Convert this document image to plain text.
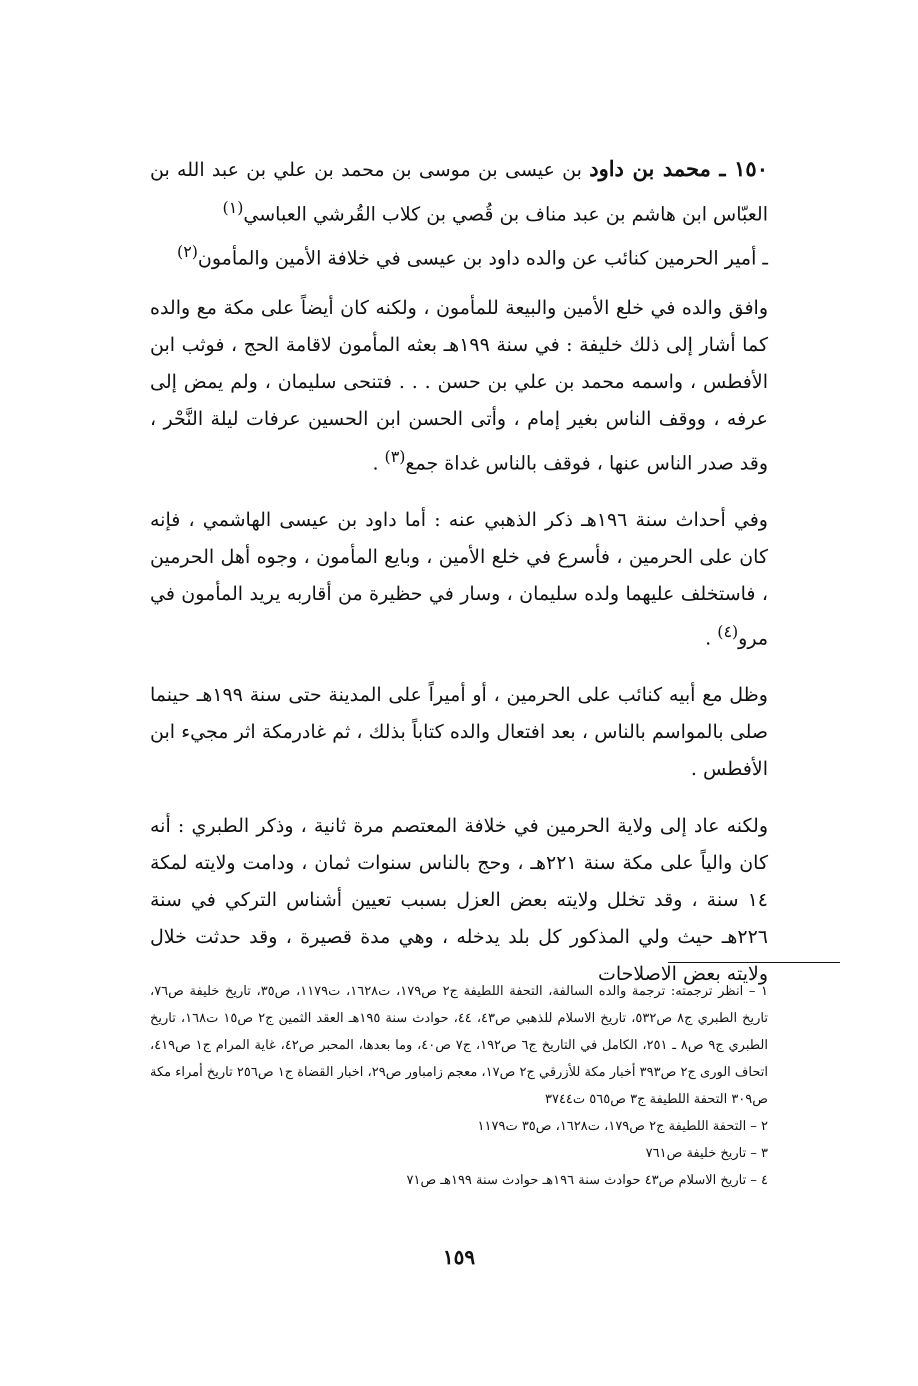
١٥٠ ـ محمد بن داود بن عيسى بن موسى بن محمد بن علي بن عبد الله بن العبّاس ابن هاشم بن عبد مناف بن قُصي بن كلاب القُرشي العباسي$^{(١)}$

ـ أمير الحرمين كنائب عن والده داود بن عيسى في خلافة الأمين والمأمون$^{(٢)}$

وافق والده في خلع الأمين والبيعة للمأمون ، ولكنه كان أيضاً على مكة مع والده كما أشار إلى ذلك خليفة : في سنة ١٩٩هـ بعثه المأمون لاقامة الحج ، فوثب ابن الأفطس ، واسمه محمد بن علي بن حسن . . . فتنحى سليمان ، ولم يمض إلى عرفه ، ووقف الناس بغير إمام ، وأتى الحسن ابن الحسين عرفات ليلة النَّحْر ، وقد صدر الناس عنها ، فوقف بالناس غداة جمع$^{(٣)}$ .

وفي أحداث سنة ١٩٦هـ ذكر الذهبي عنه : أما داود بن عيسى الهاشمي ، فإنه كان على الحرمين ، فأسرع في خلع الأمين ، وبايع المأمون ، وجوه أهل الحرمين ، فاستخلف عليهما ولده سليمان ، وسار في حظيرة من أقاربه يريد المأمون في مرو$^{(٤)}$ .

وظل مع أبيه كنائب على الحرمين ، أو أميراً على المدينة حتى سنة ١٩٩هـ حينما صلى بالمواسم بالناس ، بعد افتعال والده كتاباً بذلك ، ثم غادرمكة اثر مجيء ابن الأفطس .

ولكنه عاد إلى ولاية الحرمين في خلافة المعتصم مرة ثانية ، وذكر الطبري : أنه كان والياً على مكة سنة ٢٢١هـ ، وحج بالناس سنوات ثمان ، ودامت ولايته لمكة ١٤ سنة ، وقد تخلل ولايته بعض العزل بسبب تعيين أشناس التركي في سنة ٢٢٦هـ حيث ولي المذكور كل بلد يدخله ، وهي مدة قصيرة ، وقد حدثت خلال ولايته بعض الاصلاحات

١ – انظر ترجمته: ترجمة والده السالفة، التحفة اللطيفة ج٢ ص١٧٩، ت١٦٢٨، ت١١٧٩، ص٣٥، تاريخ خليفة ص٧٦، تاريخ الطبري ج٨ ص٥٣٢، تاريخ الاسلام للذهبي ص٤٣، ٤٤، حوادث سنة ١٩٥هـ العقد الثمين ج٢ ص١٥ ت١٦٨، تاريخ الطبري ج٩ ص٨ ـ ٢٥١، الكامل في التاريخ ج٦ ص١٩٢، ج٧ ص٤٠، وما بعدها، المحبر ص٤٢، غاية المرام ج١ ص٤١٩، اتحاف الورى ج٢ ص٣٩٣ أخبار مكة للأزرقي ج٢ ص١٧، معجم زامباور ص٢٩، اخبار القضاة ج١ ص٢٥٦ تاريخ أمراء مكة ص٣٠٩ التحفة اللطيفة ج٣ ص٥٦٥ ت٣٧٤٤

٢ – التحفة اللطيفة ج٢ ص١٧٩، ت١٦٢٨، ص٣٥ ت١١٧٩

٣ – تاريخ خليفة ص٧٦١

٤ – تاريخ الاسلام ص٤٣ حوادث سنة ١٩٦هـ حوادث سنة ١٩٩هـ ص٧١

١٥٩
